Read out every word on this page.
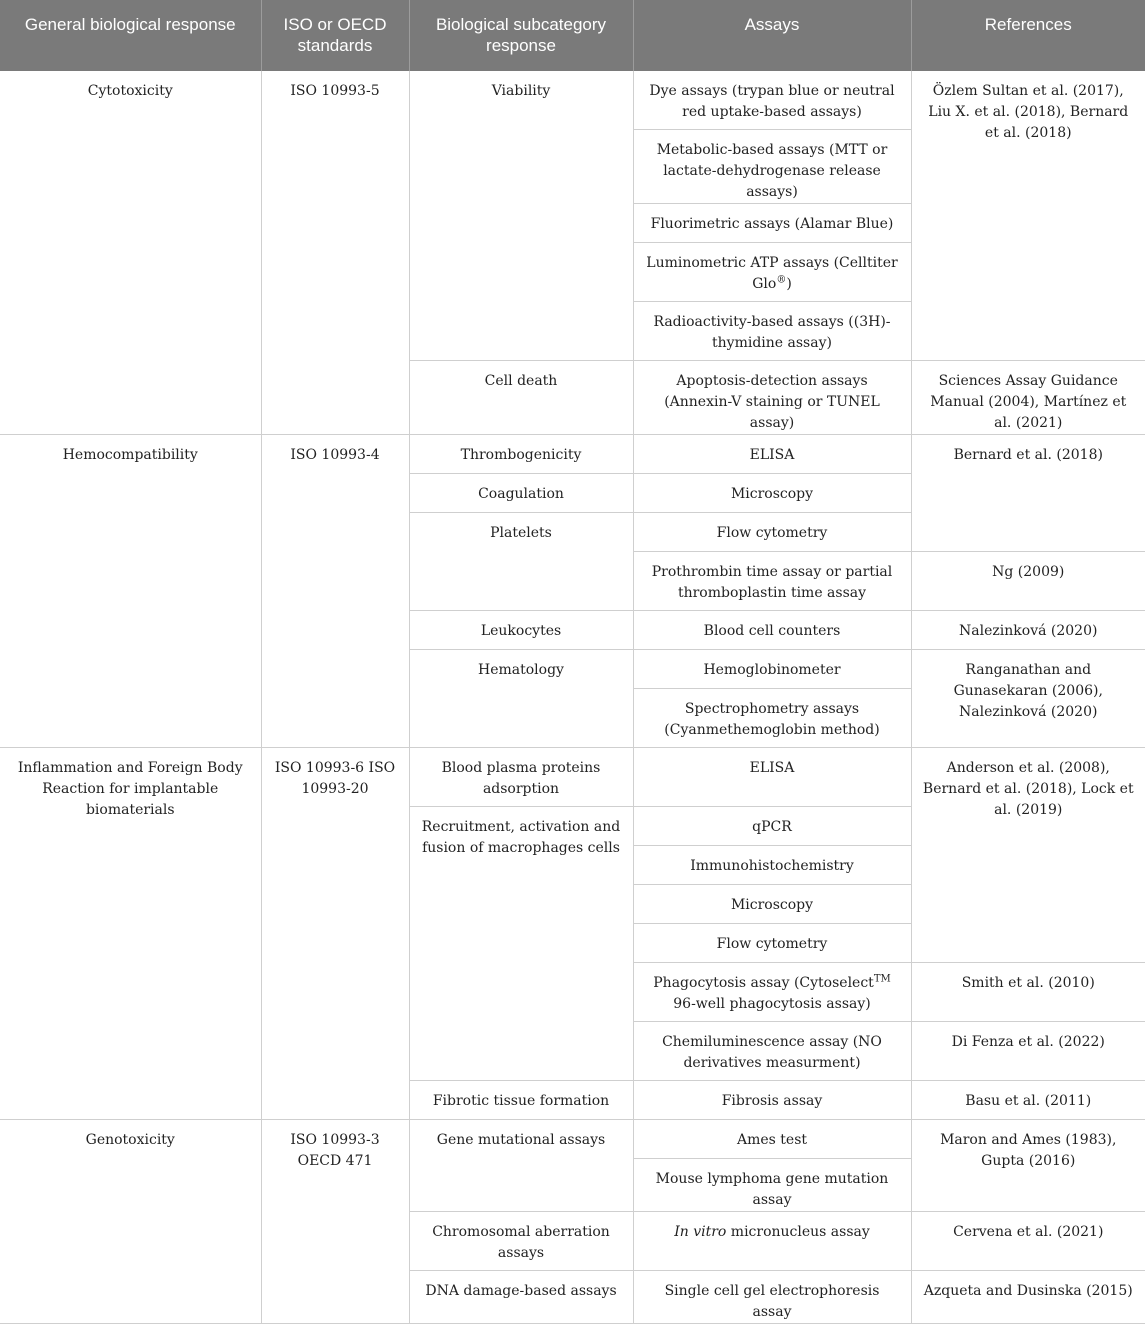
General biological response	ISO or OECD standards	Biological subcategory response	Assays	References
Cytotoxicity	ISO 10993-5	Viability	Dye assays (trypan blue or neutral red uptake-based assays)	Özlem Sultan et al. (2017), Liu X. et al. (2018), Bernard et al. (2018)
			Metabolic-based assays (MTT or lactate-dehydrogenase release assays)	
			Fluorimetric assays (Alamar Blue)	
			Luminometric ATP assays (Celltiter Glo®)	
			Radioactivity-based assays ((3H)-thymidine assay)	
		Cell death	Apoptosis-detection assays (Annexin-V staining or TUNEL assay)	Sciences Assay Guidance Manual (2004), Martínez et al. (2021)
Hemocompatibility	ISO 10993-4	Thrombogenicity	ELISA	Bernard et al. (2018)
		Coagulation	Microscopy	
		Platelets	Flow cytometry	
			Prothrombin time assay or partial thromboplastin time assay	Ng (2009)
		Leukocytes	Blood cell counters	Nalezinková (2020)
		Hematology	Hemoglobinometer	Ranganathan and Gunasekaran (2006), Nalezinková (2020)
			Spectrophometry assays (Cyanmethemoglobin method)	
Inflammation and Foreign Body Reaction for implantable biomaterials	ISO 10993-6 ISO 10993-20	Blood plasma proteins adsorption	ELISA	Anderson et al. (2008), Bernard et al. (2018), Lock et al. (2019)
		Recruitment, activation and fusion of macrophages cells	qPCR	
			Immunohistochemistry	
			Microscopy	
			Flow cytometry	
			Phagocytosis assay (Cytoselect™ 96-well phagocytosis assay)	Smith et al. (2010)
			Chemiluminescence assay (NO derivatives measurment)	Di Fenza et al. (2022)
		Fibrotic tissue formation	Fibrosis assay	Basu et al. (2011)
Genotoxicity	ISO 10993-3 OECD 471	Gene mutational assays	Ames test	Maron and Ames (1983), Gupta (2016)
			Mouse lymphoma gene mutation assay	
		Chromosomal aberration assays	In vitro micronucleus assay	Cervena et al. (2021)
		DNA damage-based assays	Single cell gel electrophoresis assay	Azqueta and Dusinska (2015)
